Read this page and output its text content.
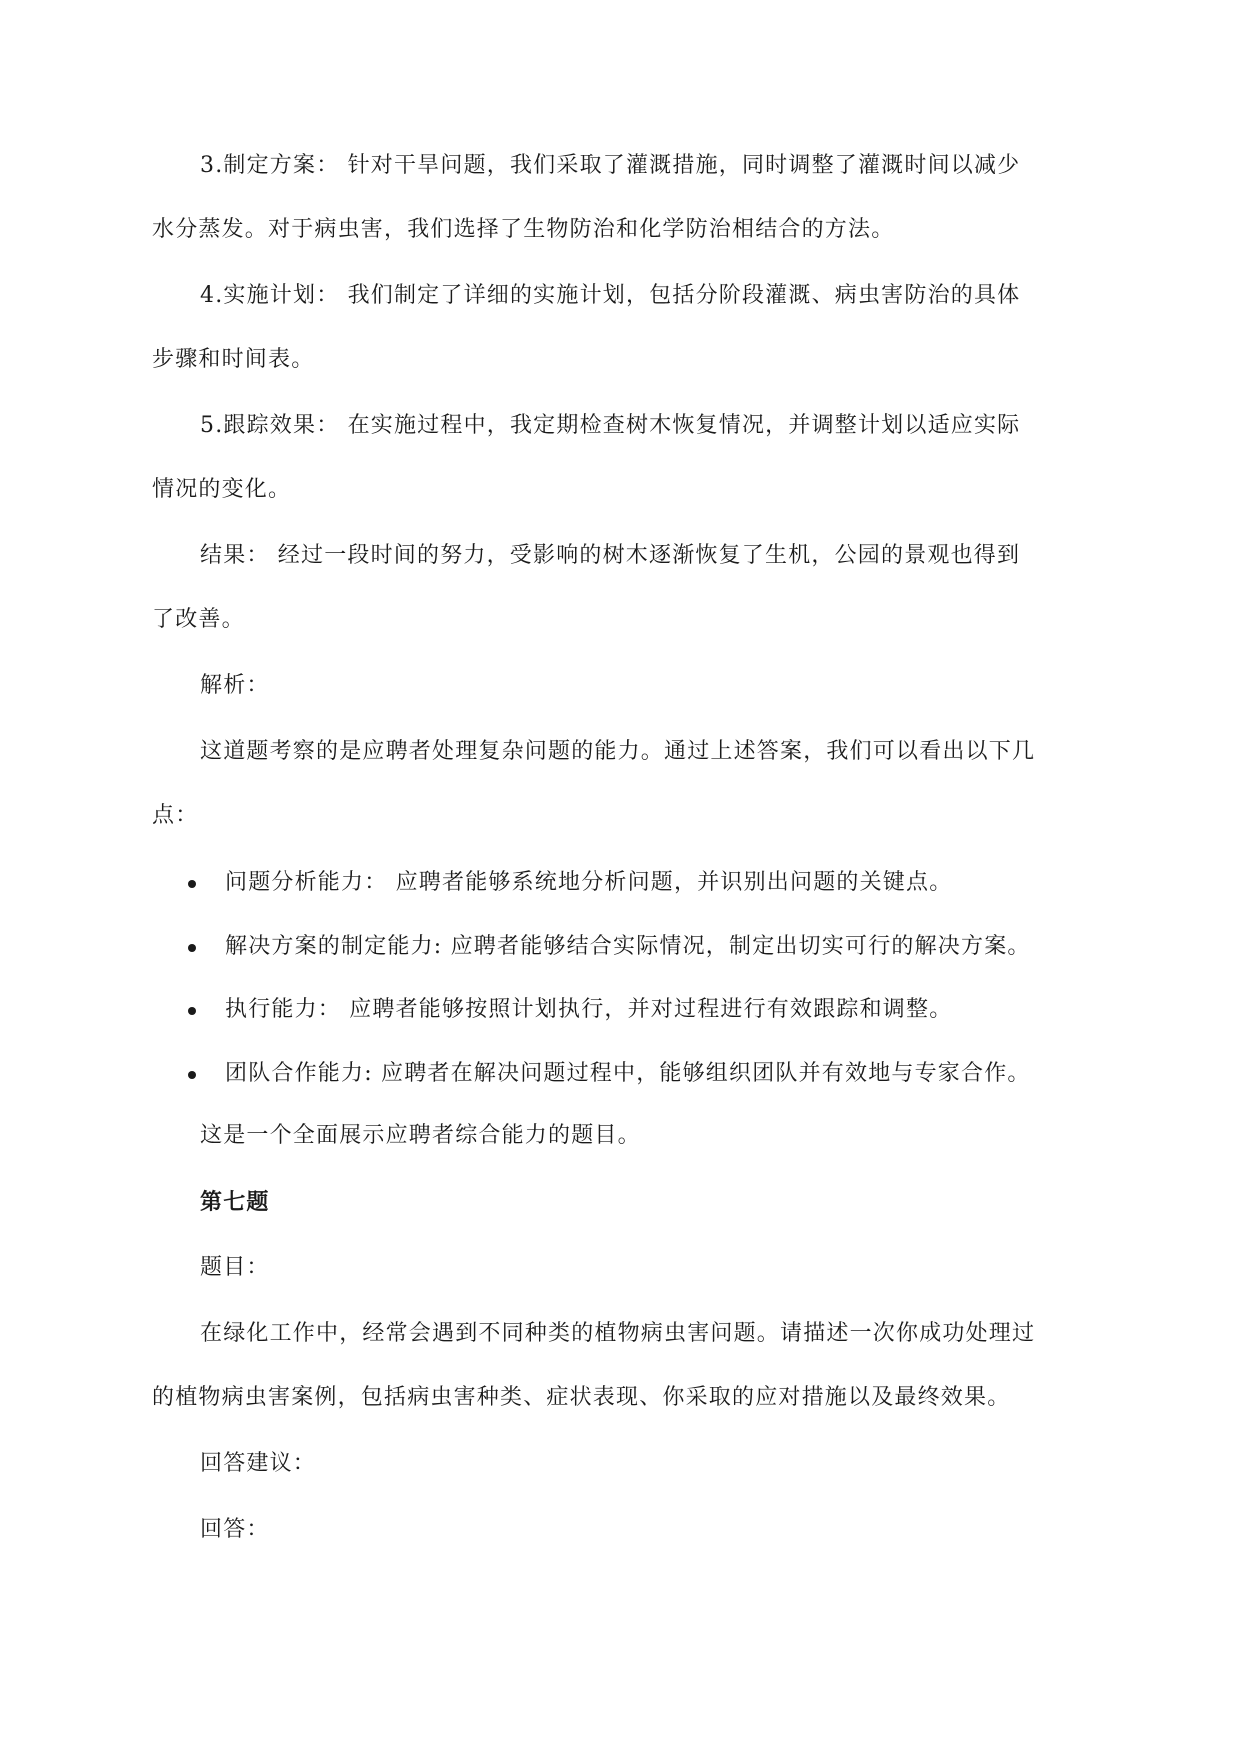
3.制定方案： 针对干旱问题，我们采取了灌溉措施，同时调整了灌溉时间以减少
水分蒸发。对于病虫害，我们选择了生物防治和化学防治相结合的方法。
4.实施计划： 我们制定了详细的实施计划，包括分阶段灌溉、病虫害防治的具体
步骤和时间表。
5.跟踪效果： 在实施过程中，我定期检查树木恢复情况，并调整计划以适应实际
情况的变化。
结果： 经过一段时间的努力，受影响的树木逐渐恢复了生机，公园的景观也得到
了改善。
解析：
这道题考察的是应聘者处理复杂问题的能力。通过上述答案，我们可以看出以下几
点：
问题分析能力： 应聘者能够系统地分析问题，并识别出问题的关键点。
解决方案的制定能力: 应聘者能够结合实际情况，制定出切实可行的解决方案。
执行能力： 应聘者能够按照计划执行，并对过程进行有效跟踪和调整。
团队合作能力: 应聘者在解决问题过程中，能够组织团队并有效地与专家合作。
这是一个全面展示应聘者综合能力的题目。
第七题
题目：
在绿化工作中，经常会遇到不同种类的植物病虫害问题。请描述一次你成功处理过
的植物病虫害案例，包括病虫害种类、症状表现、你采取的应对措施以及最终效果。
回答建议：
回答：
